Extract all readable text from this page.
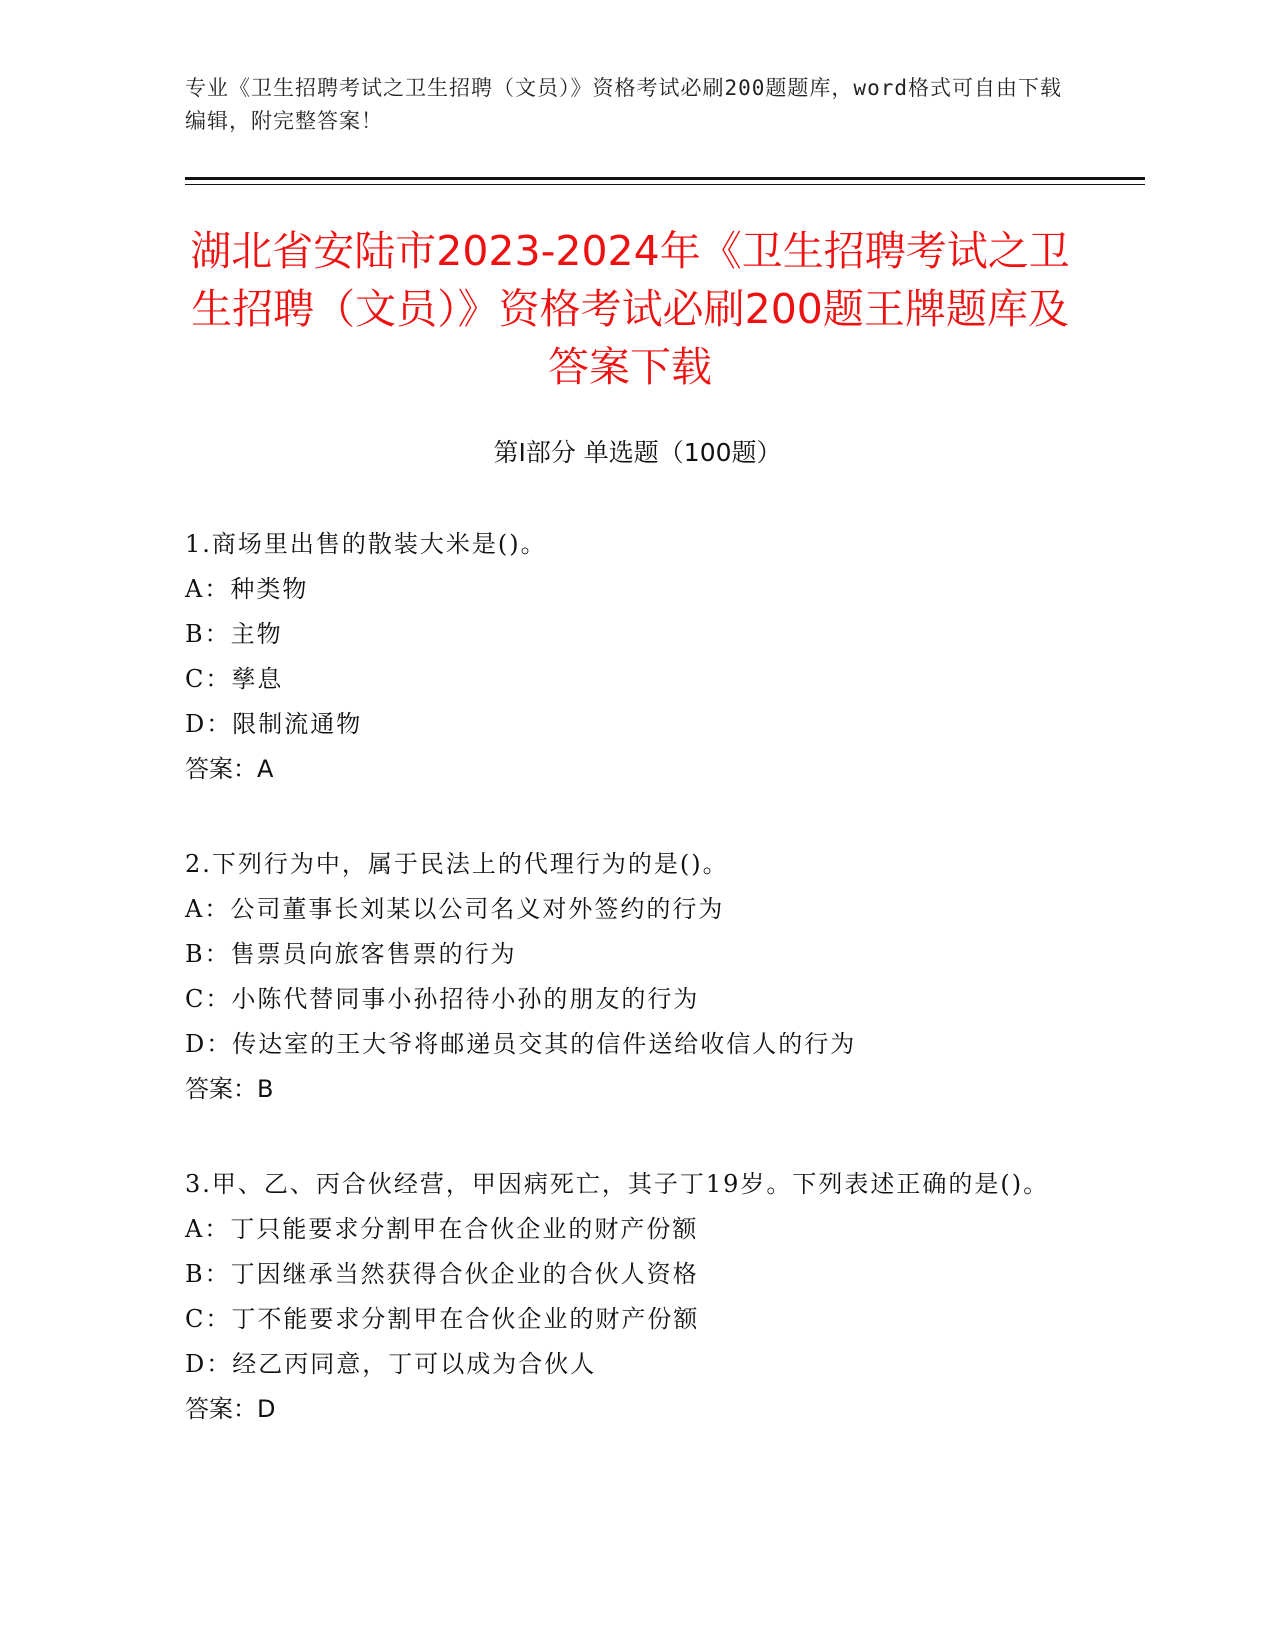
专业《卫生招聘考试之卫生招聘（文员）》资格考试必刷200题题库，word格式可自由下载编辑，附完整答案！
湖北省安陆市2023-2024年《卫生招聘考试之卫生招聘（文员）》资格考试必刷200题王牌题库及答案下载
第Ⅰ部分 单选题（100题）

1.商场里出售的散装大米是()。

A：种类物

B：主物

C：孳息

D：限制流通物

答案：A

2.下列行为中，属于民法上的代理行为的是()。

A：公司董事长刘某以公司名义对外签约的行为

B：售票员向旅客售票的行为

C：小陈代替同事小孙招待小孙的朋友的行为

D：传达室的王大爷将邮递员交其的信件送给收信人的行为

答案：B

3.甲、乙、丙合伙经营，甲因病死亡，其子丁19岁。下列表述正确的是()。

A：丁只能要求分割甲在合伙企业的财产份额

B：丁因继承当然获得合伙企业的合伙人资格

C：丁不能要求分割甲在合伙企业的财产份额

D：经乙丙同意，丁可以成为合伙人

答案：D
